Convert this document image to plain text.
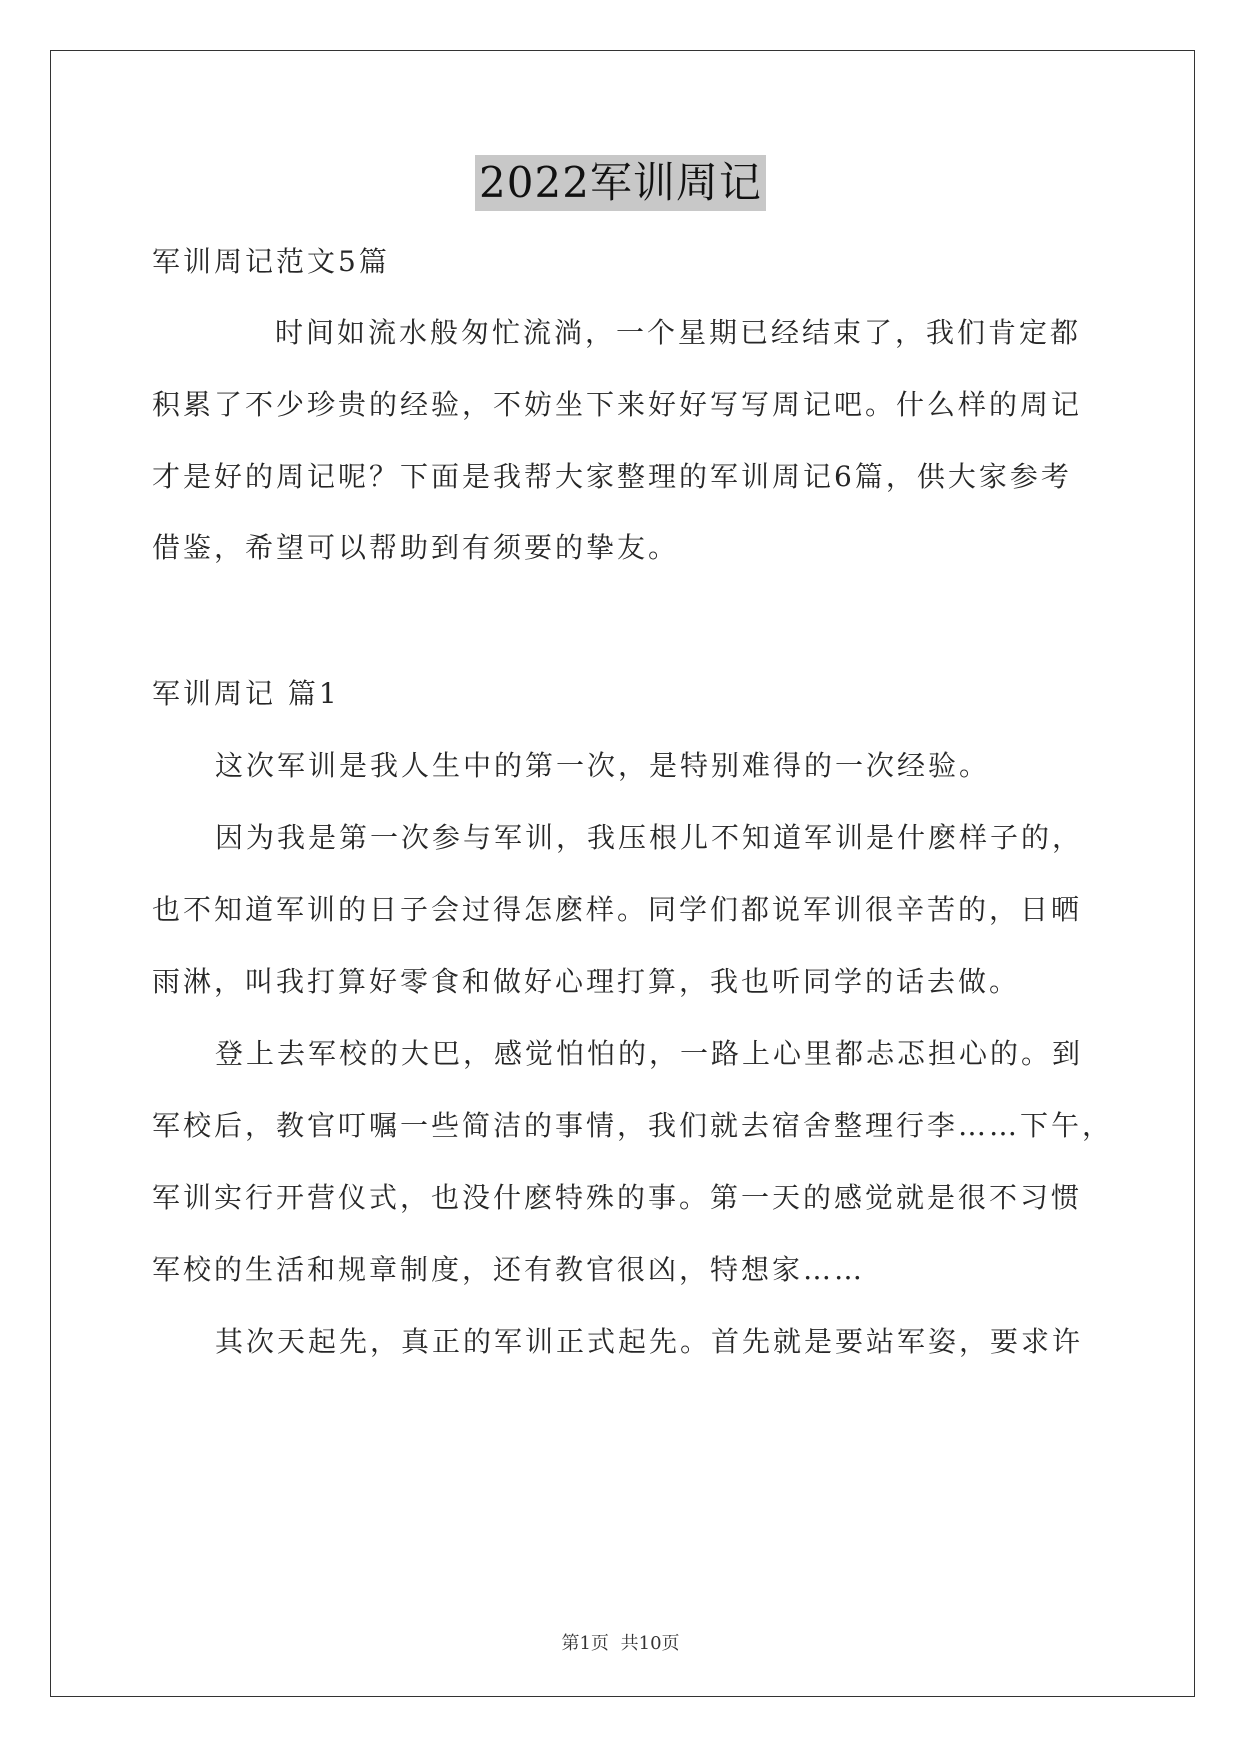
2022军训周记
军训周记范文5篇
时间如流水般匆忙流淌，一个星期已经结束了，我们肯定都
积累了不少珍贵的经验，不妨坐下来好好写写周记吧。什么样的周记
才是好的周记呢？下面是我帮大家整理的军训周记6篇，供大家参考
借鉴，希望可以帮助到有须要的挚友。
军训周记 篇1
这次军训是我人生中的第一次，是特别难得的一次经验。
因为我是第一次参与军训，我压根儿不知道军训是什麽样子的，
也不知道军训的日子会过得怎麽样。同学们都说军训很辛苦的，日晒
雨淋，叫我打算好零食和做好心理打算，我也听同学的话去做。
登上去军校的大巴，感觉怕怕的，一路上心里都忐忑担心的。到
军校后，教官叮嘱一些简洁的事情，我们就去宿舍整理行李……下午，
军训实行开营仪式，也没什麽特殊的事。第一天的感觉就是很不习惯
军校的生活和规章制度，还有教官很凶，特想家……
其次天起先，真正的军训正式起先。首先就是要站军姿，要求许
第1页 共10页
